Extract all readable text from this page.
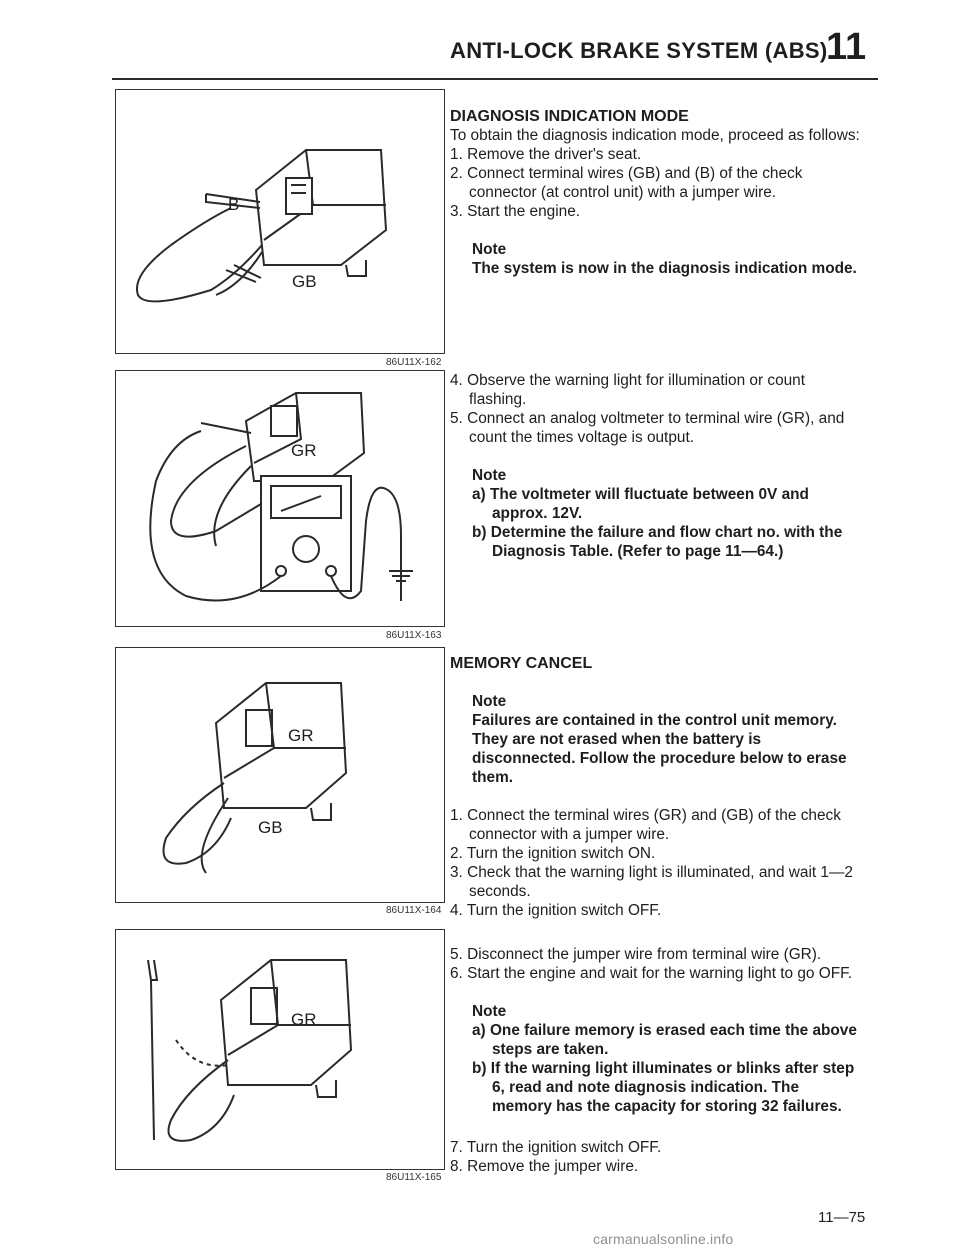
ANTI-LOCK BRAKE SYSTEM (ABS)
11
B
GB
86U11X-162
GR
86U11X-163
GR
GB
86U11X-164
GR
86U11X-165

DIAGNOSIS INDICATION MODE

To obtain the diagnosis indication mode, proceed as follows:

1. Remove the driver's seat.

2. Connect terminal wires (GB) and (B) of the check connector (at control unit) with a jumper wire.

3. Start the engine.

Note

The system is now in the diagnosis indication mode.

4. Observe the warning light for illumination or count flashing.

5. Connect an analog voltmeter to terminal wire (GR), and count the times voltage is output.

Note

a) The voltmeter will fluctuate between 0V and approx. 12V.

b) Determine the failure and flow chart no. with the Diagnosis Table. (Refer to page 11—64.)

MEMORY CANCEL

Note

Failures are contained in the control unit memory. They are not erased when the battery is disconnected. Follow the procedure below to erase them.

1. Connect the terminal wires (GR) and (GB) of the check connector with a jumper wire.

2. Turn the ignition switch ON.

3. Check that the warning light is illuminated, and wait 1—2 seconds.

4. Turn the ignition switch OFF.

5. Disconnect the jumper wire from terminal wire (GR).

6. Start the engine and wait for the warning light to go OFF.

Note

a) One failure memory is erased each time the above steps are taken.

b) If the warning light illuminates or blinks after step 6, read and note diagnosis indication. The memory has the capacity for storing 32 failures.

7. Turn the ignition switch OFF.

8. Remove the jumper wire.

11—75
carmanualsonline.info
